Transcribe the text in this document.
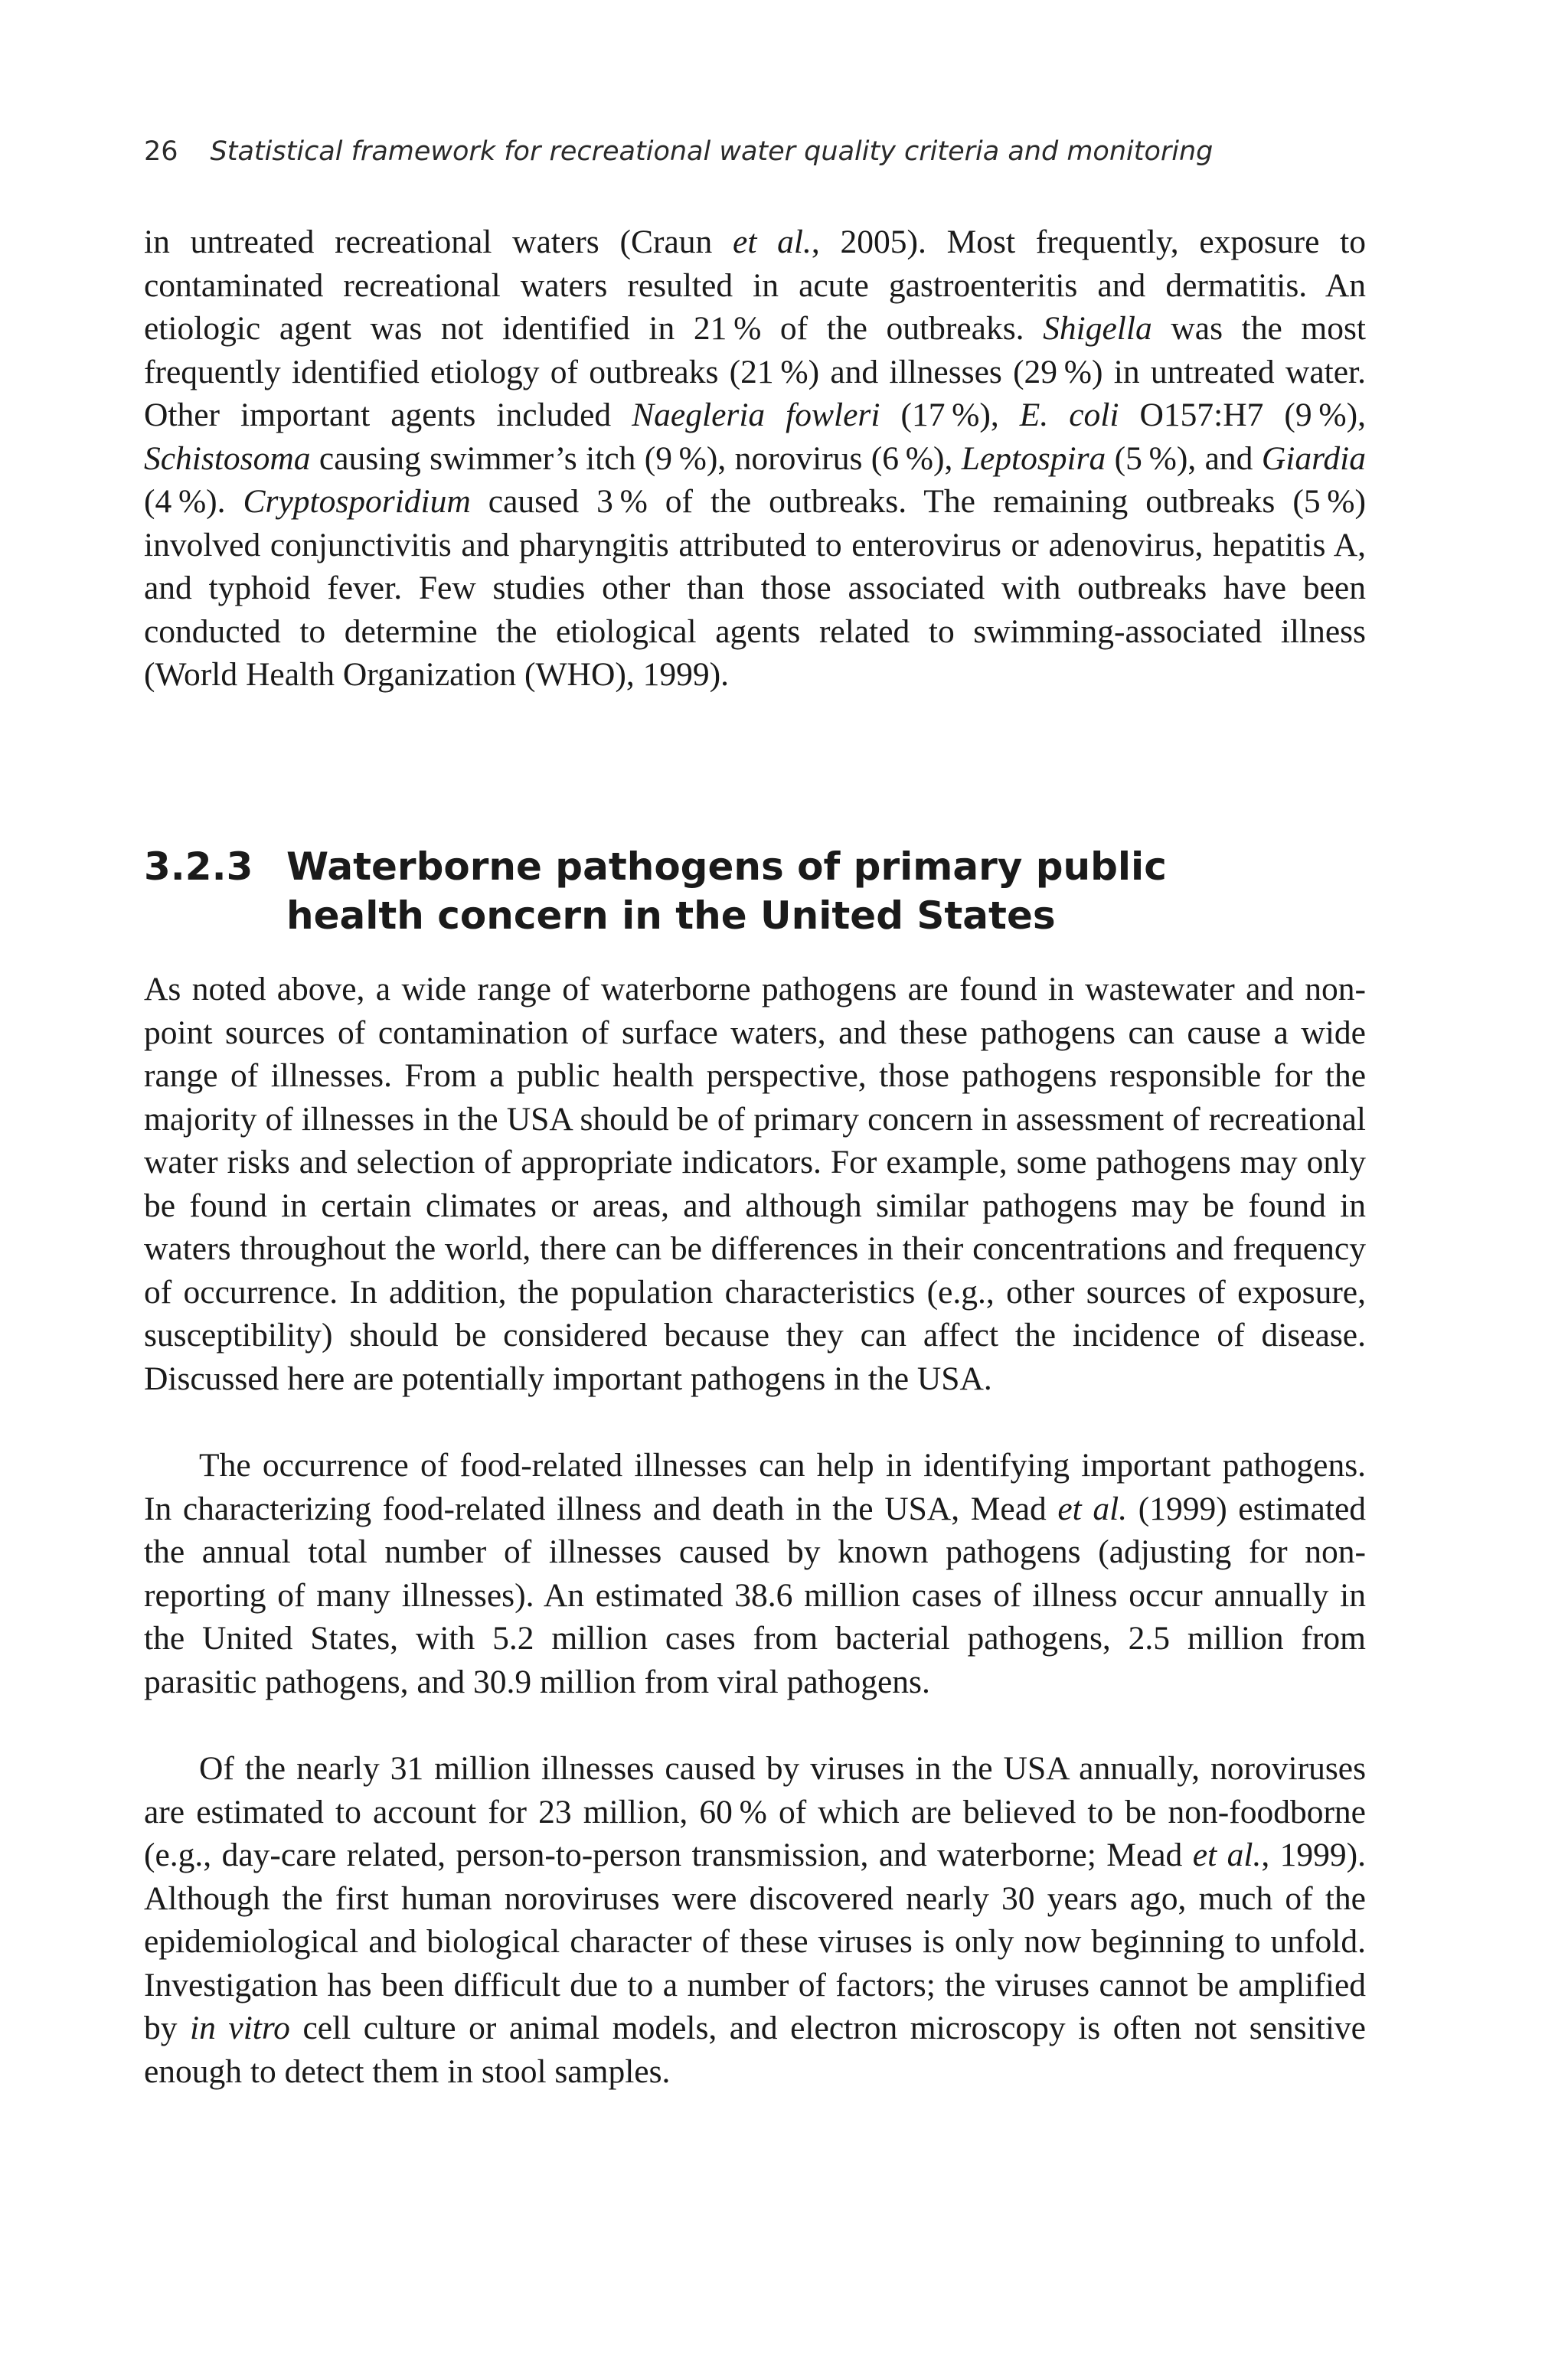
26 Statistical framework for recreational water quality criteria and monitoring

in untreated recreational waters (Craun et al., 2005). Most frequently, exposure to contaminated recreational waters resulted in acute gastroenteritis and dermatitis. An etiologic agent was not identified in 21 % of the outbreaks. Shigella was the most frequently identified etiology of outbreaks (21 %) and illnesses (29 %) in untreated water. Other important agents included Naegleria fowleri (17 %), E. coli O157:H7 (9 %), Schistosoma causing swimmer’s itch (9 %), norovirus (6 %), Leptospira (5 %), and Giardia (4 %). Cryptosporidium caused 3 % of the outbreaks. The remaining outbreaks (5 %) involved conjunctivitis and pharyngitis attributed to enterovirus or adenovirus, hepatitis A, and typhoid fever. Few studies other than those associated with outbreaks have been conducted to determine the etiological agents related to swimming-associated illness (World Health Organization (WHO), 1999).

3.2.3 Waterborne pathogens of primary public health concern in the United States

As noted above, a wide range of waterborne pathogens are found in wastewater and non-point sources of contamination of surface waters, and these pathogens can cause a wide range of illnesses. From a public health perspective, those pathogens responsible for the majority of illnesses in the USA should be of primary concern in assessment of recreational water risks and selection of appropriate indicators. For example, some pathogens may only be found in certain climates or areas, and although similar pathogens may be found in waters throughout the world, there can be differences in their concentrations and frequency of occurrence. In addition, the population characteristics (e.g., other sources of exposure, susceptibility) should be considered because they can affect the incidence of disease. Discussed here are potentially important pathogens in the USA.

The occurrence of food-related illnesses can help in identifying important pathogens. In characterizing food-related illness and death in the USA, Mead et al. (1999) estimated the annual total number of illnesses caused by known pathogens (adjusting for non-reporting of many illnesses). An estimated 38.6 million cases of illness occur annually in the United States, with 5.2 million cases from bacterial pathogens, 2.5 million from parasitic pathogens, and 30.9 million from viral pathogens.

Of the nearly 31 million illnesses caused by viruses in the USA annually, noroviruses are estimated to account for 23 million, 60 % of which are believed to be non-foodborne (e.g., day-care related, person-to-person transmission, and waterborne; Mead et al., 1999). Although the first human noroviruses were discovered nearly 30 years ago, much of the epidemiological and biological character of these viruses is only now beginning to unfold. Investigation has been difficult due to a number of factors; the viruses cannot be amplified by in vitro cell culture or animal models, and electron microscopy is often not sensitive enough to detect them in stool samples.
